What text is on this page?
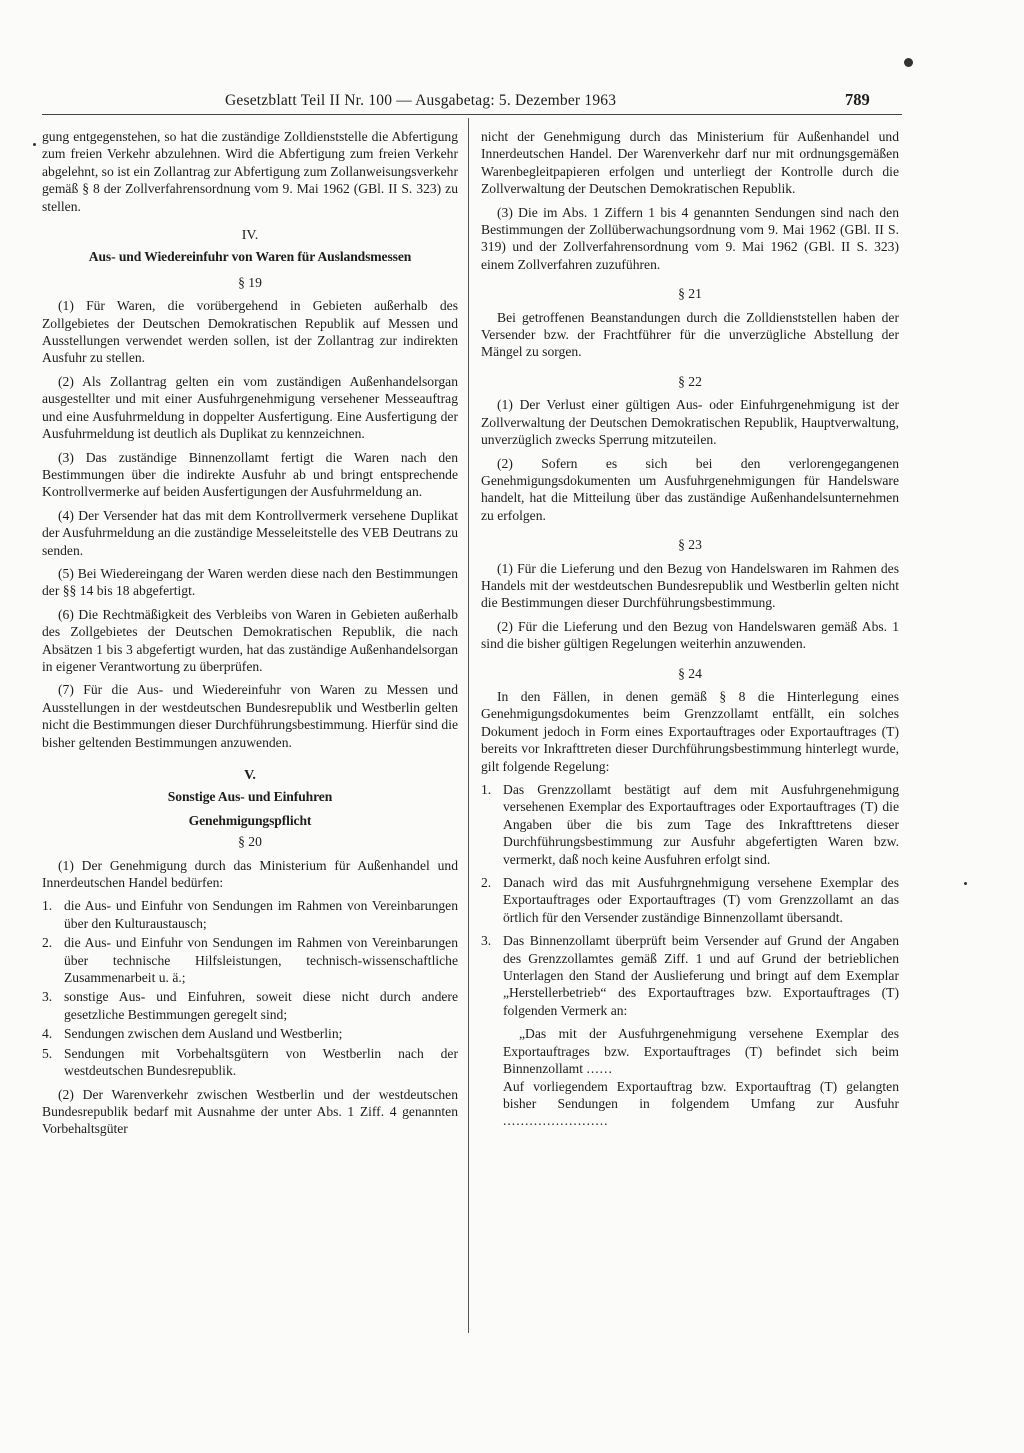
Gesetzblatt Teil II Nr. 100 — Ausgabetag: 5. Dezember 1963	789

gung entgegenstehen, so hat die zuständige Zolldienststelle die Abfertigung zum freien Verkehr abzulehnen. Wird die Abfertigung zum freien Verkehr abgelehnt, so ist ein Zollantrag zur Abfertigung zum Zollanweisungsverkehr gemäß § 8 der Zollverfahrensordnung vom 9. Mai 1962 (GBl. II S. 323) zu stellen.

IV.
Aus- und Wiedereinfuhr von Waren für Auslandsmessen
§ 19

(1) Für Waren, die vorübergehend in Gebieten außerhalb des Zollgebietes der Deutschen Demokratischen Republik auf Messen und Ausstellungen verwendet werden sollen, ist der Zollantrag zur indirekten Ausfuhr zu stellen.

(2) Als Zollantrag gelten ein vom zuständigen Außenhandelsorgan ausgestellter und mit einer Ausfuhrgenehmigung versehener Messeauftrag und eine Ausfuhrmeldung in doppelter Ausfertigung. Eine Ausfertigung der Ausfuhrmeldung ist deutlich als Duplikat zu kennzeichnen.

(3) Das zuständige Binnenzollamt fertigt die Waren nach den Bestimmungen über die indirekte Ausfuhr ab und bringt entsprechende Kontrollvermerke auf beiden Ausfertigungen der Ausfuhrmeldung an.

(4) Der Versender hat das mit dem Kontrollvermerk versehene Duplikat der Ausfuhrmeldung an die zuständige Messeleitstelle des VEB Deutrans zu senden.

(5) Bei Wiedereingang der Waren werden diese nach den Bestimmungen der §§ 14 bis 18 abgefertigt.

(6) Die Rechtmäßigkeit des Verbleibs von Waren in Gebieten außerhalb des Zollgebietes der Deutschen Demokratischen Republik, die nach Absätzen 1 bis 3 abgefertigt wurden, hat das zuständige Außenhandelsorgan in eigener Verantwortung zu überprüfen.

(7) Für die Aus- und Wiedereinfuhr von Waren zu Messen und Ausstellungen in der westdeutschen Bundesrepublik und Westberlin gelten nicht die Bestimmungen dieser Durchführungsbestimmung. Hierfür sind die bisher geltenden Bestimmungen anzuwenden.

V.
Sonstige Aus- und Einfuhren
Genehmigungspflicht
§ 20

(1) Der Genehmigung durch das Ministerium für Außenhandel und Innerdeutschen Handel bedürfen:

1. die Aus- und Einfuhr von Sendungen im Rahmen von Vereinbarungen über den Kulturaustausch;
2. die Aus- und Einfuhr von Sendungen im Rahmen von Vereinbarungen über technische Hilfsleistungen, technisch-wissenschaftliche Zusammenarbeit u. ä.;
3. sonstige Aus- und Einfuhren, soweit diese nicht durch andere gesetzliche Bestimmungen geregelt sind;
4. Sendungen zwischen dem Ausland und Westberlin;
5. Sendungen mit Vorbehaltsgütern von Westberlin nach der westdeutschen Bundesrepublik.

(2) Der Warenverkehr zwischen Westberlin und der westdeutschen Bundesrepublik bedarf mit Ausnahme der unter Abs. 1 Ziff. 4 genannten Vorbehaltsgüter

nicht der Genehmigung durch das Ministerium für Außenhandel und Innerdeutschen Handel. Der Warenverkehr darf nur mit ordnungsgemäßen Warenbegleitpapieren erfolgen und unterliegt der Kontrolle durch die Zollverwaltung der Deutschen Demokratischen Republik.

(3) Die im Abs. 1 Ziffern 1 bis 4 genannten Sendungen sind nach den Bestimmungen der Zollüberwachungsordnung vom 9. Mai 1962 (GBl. II S. 319) und der Zollverfahrensordnung vom 9. Mai 1962 (GBl. II S. 323) einem Zollverfahren zuzuführen.

§ 21

Bei getroffenen Beanstandungen durch die Zolldienststellen haben der Versender bzw. der Frachtführer für die unverzügliche Abstellung der Mängel zu sorgen.

§ 22

(1) Der Verlust einer gültigen Aus- oder Einfuhrgenehmigung ist der Zollverwaltung der Deutschen Demokratischen Republik, Hauptverwaltung, unverzüglich zwecks Sperrung mitzuteilen.

(2) Sofern es sich bei den verlorengegangenen Genehmigungsdokumenten um Ausfuhrgenehmigungen für Handelsware handelt, hat die Mitteilung über das zuständige Außenhandelsunternehmen zu erfolgen.

§ 23

(1) Für die Lieferung und den Bezug von Handelswaren im Rahmen des Handels mit der westdeutschen Bundesrepublik und Westberlin gelten nicht die Bestimmungen dieser Durchführungsbestimmung.

(2) Für die Lieferung und den Bezug von Handelswaren gemäß Abs. 1 sind die bisher gültigen Regelungen weiterhin anzuwenden.

§ 24

In den Fällen, in denen gemäß § 8 die Hinterlegung eines Genehmigungsdokumentes beim Grenzzollamt entfällt, ein solches Dokument jedoch in Form eines Exportauftrages oder Exportauftrages (T) bereits vor Inkrafttreten dieser Durchführungsbestimmung hinterlegt wurde, gilt folgende Regelung:

1. Das Grenzzollamt bestätigt auf dem mit Ausfuhrgenehmigung versehenen Exemplar des Exportauftrages oder Exportauftrages (T) die Angaben über die bis zum Tage des Inkrafttretens dieser Durchführungsbestimmung zur Ausfuhr abgefertigten Waren bzw. vermerkt, daß noch keine Ausfuhren erfolgt sind.
2. Danach wird das mit Ausfuhrgnehmigung versehene Exemplar des Exportauftrages oder Exportauftrages (T) vom Grenzzollamt an das örtlich für den Versender zuständige Binnenzollamt übersandt.
3. Das Binnenzollamt überprüft beim Versender auf Grund der Angaben des Grenzzollamtes gemäß Ziff. 1 und auf Grund der betrieblichen Unterlagen den Stand der Auslieferung und bringt auf dem Exemplar „Herstellerbetrieb“ des Exportauftrages bzw. Exportauftrages (T) folgenden Vermerk an:

„Das mit der Ausfuhrgenehmigung versehene Exemplar des Exportauftrages bzw. Exportauftrages (T) befindet sich beim Binnenzollamt ......
Auf vorliegendem Exportauftrag bzw. Exportauftrag (T) gelangten bisher Sendungen in folgendem Umfang zur Ausfuhr ........................
